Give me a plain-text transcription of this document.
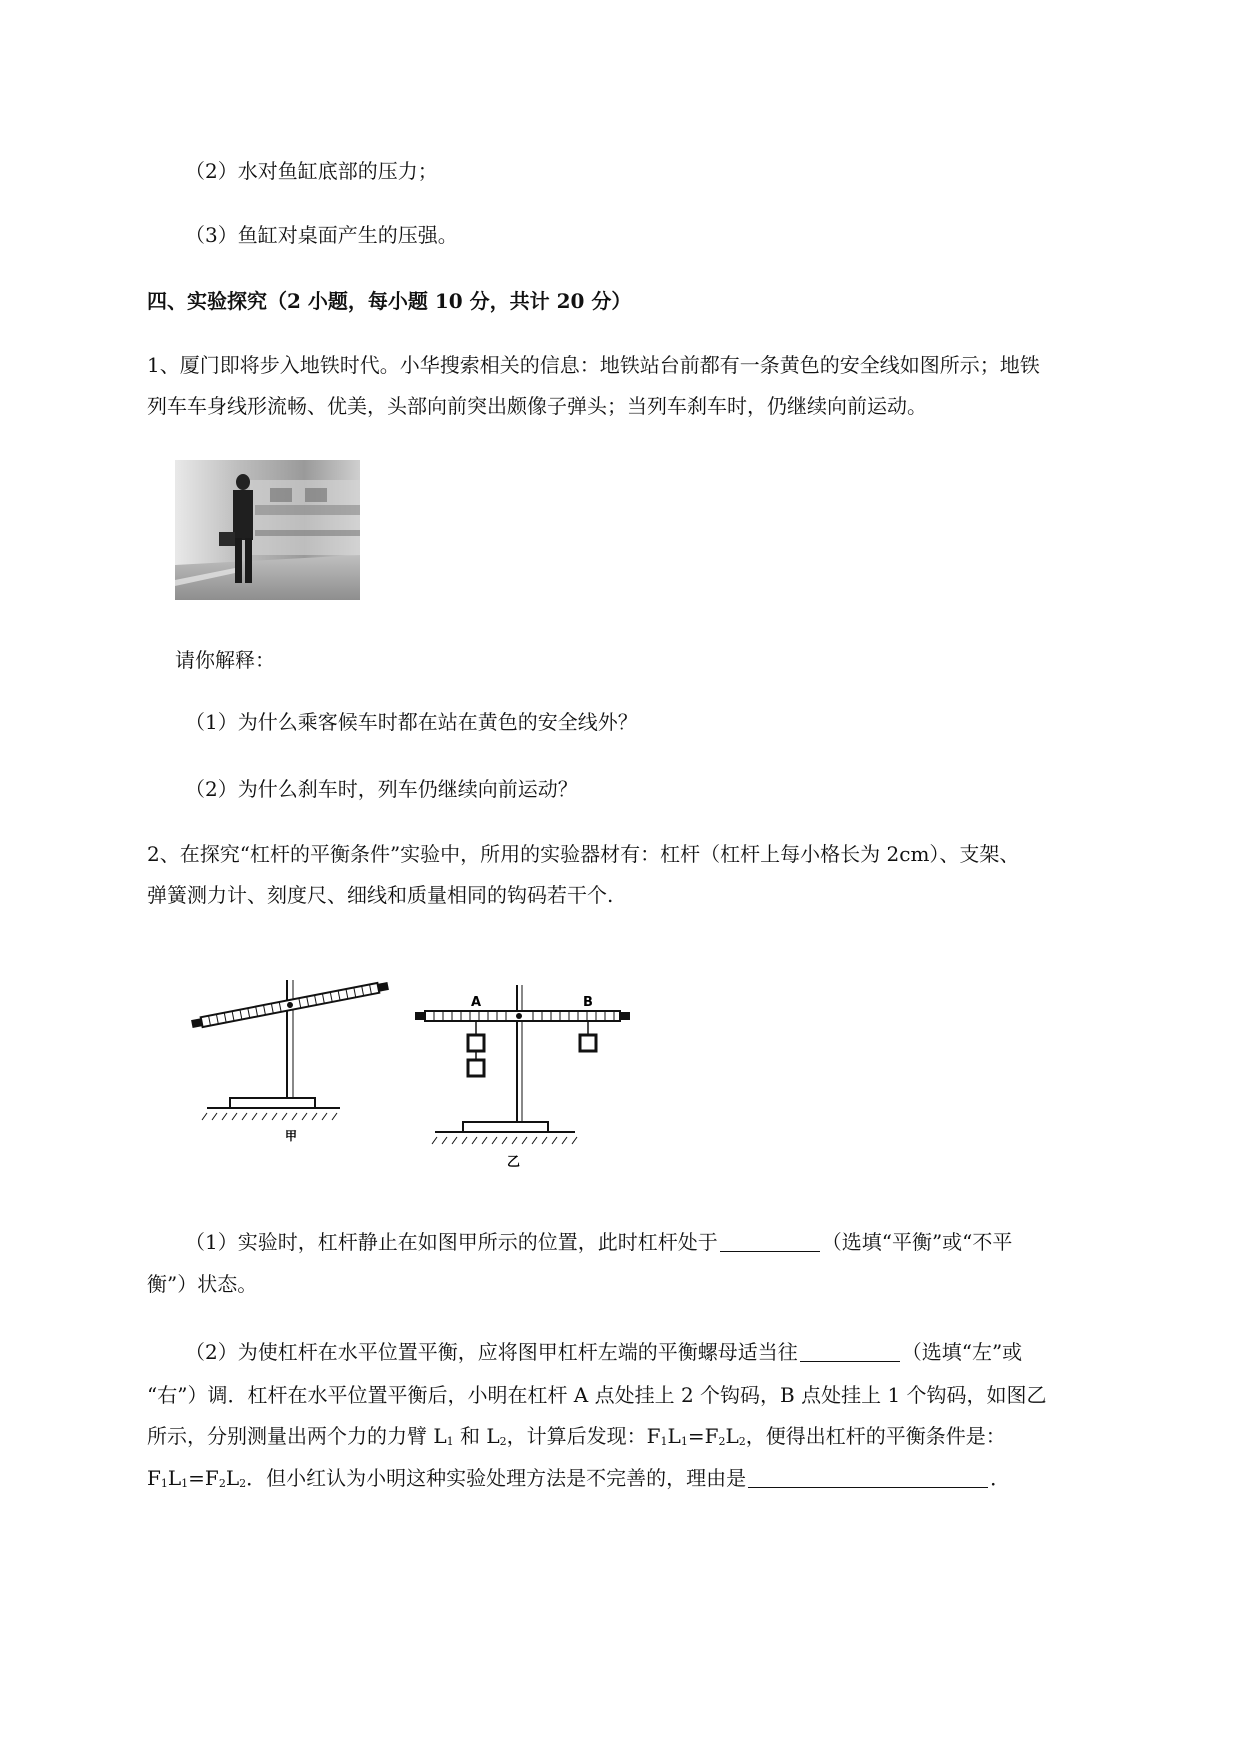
（2）水对鱼缸底部的压力；
（3）鱼缸对桌面产生的压强。
四、实验探究（2 小题，每小题 10 分，共计 20 分）
1、厦门即将步入地铁时代。小华搜索相关的信息：地铁站台前都有一条黄色的安全线如图所示；地铁
列车车身线形流畅、优美，头部向前突出颇像子弹头；当列车刹车时，仍继续向前运动。
请你解释：
（1）为什么乘客候车时都在站在黄色的安全线外？
（2）为什么刹车时，列车仍继续向前运动？
2、在探究“杠杆的平衡条件”实验中，所用的实验器材有：杠杆（杠杆上每小格长为 2cm）、支架、
弹簧测力计、刻度尺、细线和质量相同的钩码若干个.
甲
A	B
乙
（1）实验时，杠杆静止在如图甲所示的位置，此时杠杆处于	（选填“平衡”或“不平
衡”）状态。
（2）为使杠杆在水平位置平衡，应将图甲杠杆左端的平衡螺母适当往	（选填“左”或
“右”）调．杠杆在水平位置平衡后，小明在杠杆 A 点处挂上 2 个钩码，B 点处挂上 1 个钩码，如图乙
所示，分别测量出两个力的力臂 $L_1$ 和 $L_2$，计算后发现：$F_1L_1=F_2L_2$，便得出杠杆的平衡条件是：
$F_1L_1=F_2L_2$．但小红认为小明这种实验处理方法是不完善的，理由是	．
